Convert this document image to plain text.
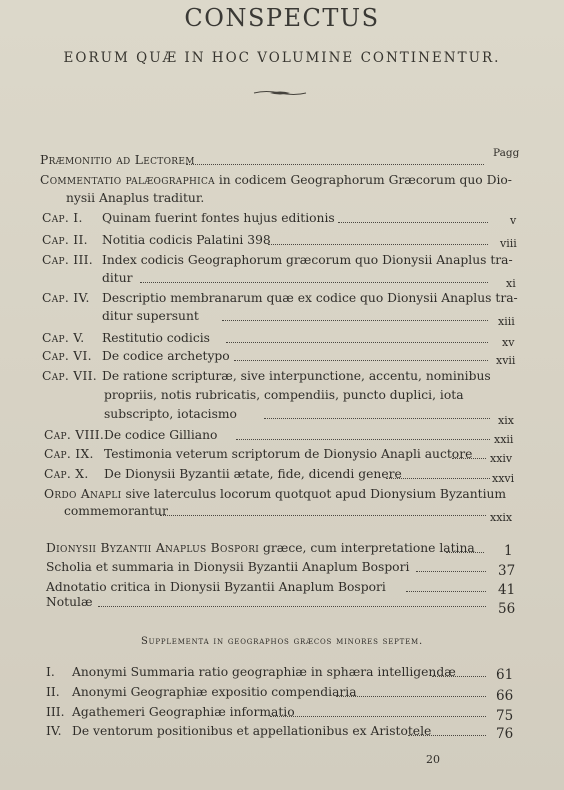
CONSPECTUS
EORUM QUÆ IN HOC VOLUMINE CONTINENTUR.
Pagg
Præmonitio ad Lectorem
Commentatio palæographica in codicem Geographorum Græcorum quo Dio-
nysii Anaplus traditur.
Cap. I. Quinam fuerint fontes hujus editionis	v
Cap. II. Notitia codicis Palatini 398	viii
Cap. III. Index codicis Geographorum græcorum quo Dionysii Anaplus tra-
ditur	xi
Cap. IV. Descriptio membranarum quæ ex codice quo Dionysii Anaplus tra-
ditur supersunt	xiii
Cap. V. Restitutio codicis	xv
Cap. VI. De codice archetypo	xvii
Cap. VII. De ratione scripturæ, sive interpunctione, accentu, nominibus
propriis, notis rubricatis, compendiis, puncto duplici, iota
subscripto, iotacismo	xix
Cap. VIII.De codice Gilliano	xxii
Cap. IX. Testimonia veterum scriptorum de Dionysio Anapli auctore xxiv
Cap. X. De Dionysii Byzantii ætate, fide, dicendi genere	xxvi
Ordo Anapli sive laterculus locorum quotquot apud Dionysium Byzantium
commemorantur	xxix
Dionysii Byzantii Anaplus Bospori græce, cum interpretatione latina 1
Scholia et summaria in Dionysii Byzantii Anaplum Bospori	37
Adnotatio critica in Dionysii Byzantii Anaplum Bospori	41
Notulæ	56
Supplementa in geographos græcos minores septem.
I. Anonymi Summaria ratio geographiæ in sphæra intelligendæ	61
II. Anonymi Geographiæ expositio compendiaria	66
III. Agathemeri Geographiæ informatio	75
IV. De ventorum positionibus et appellationibus ex Aristotele	76
20
